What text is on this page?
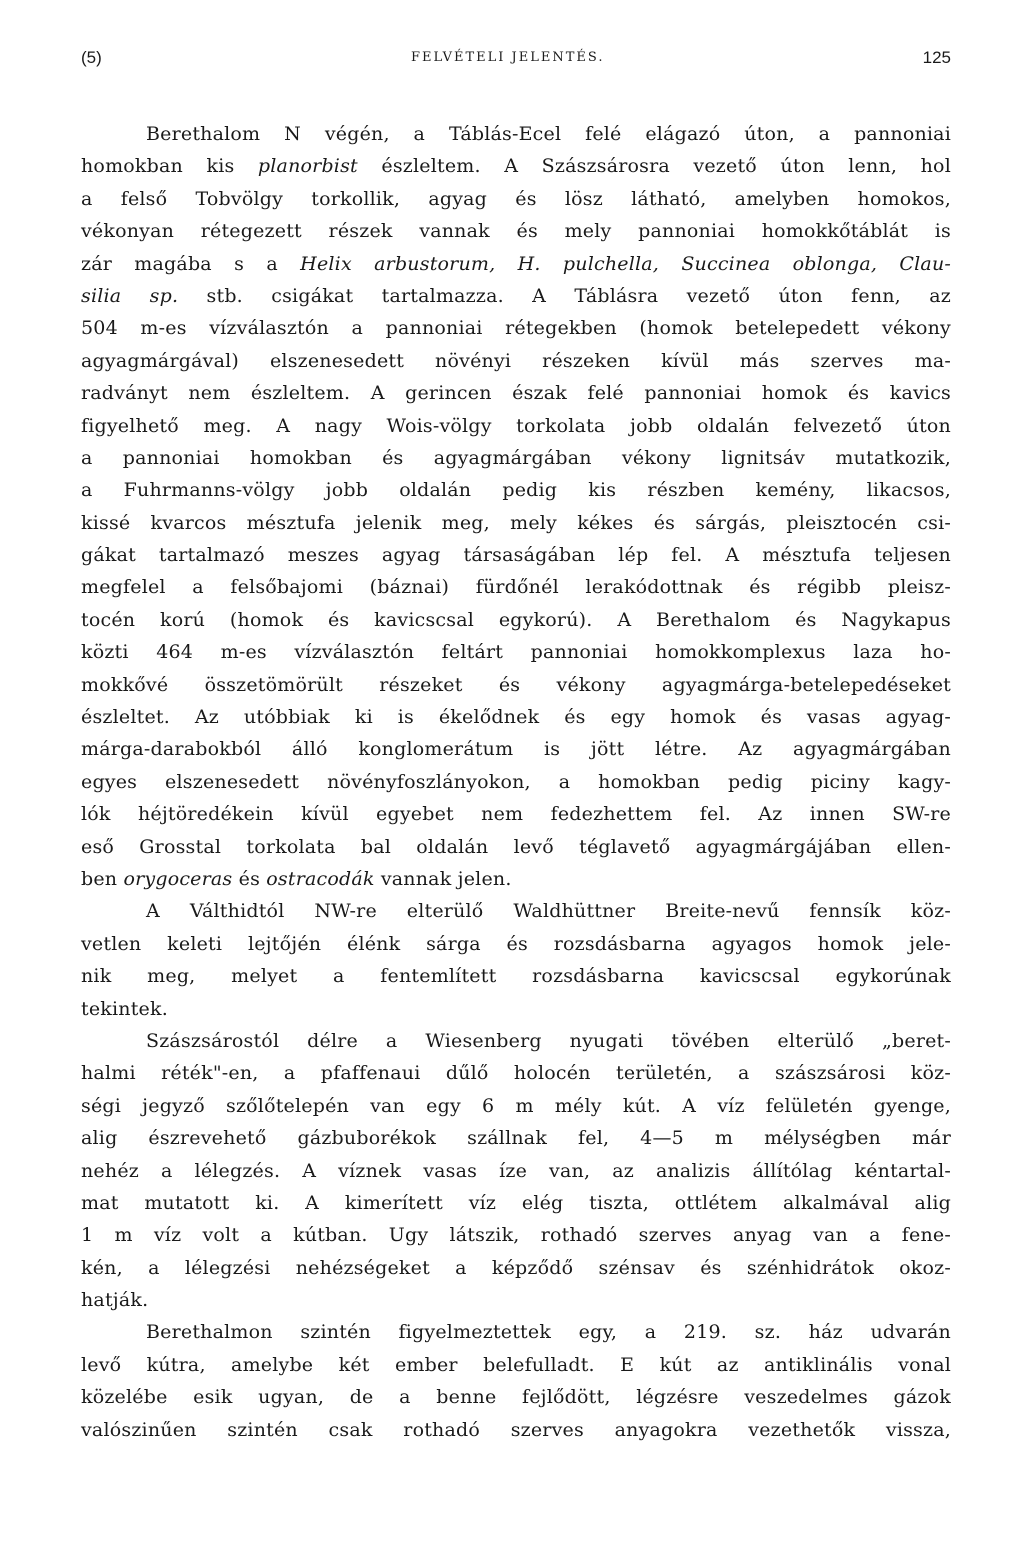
(5)	FELVÉTELI JELENTÉS.	125
Berethalom N végén, a Táblás-Ecel felé elágazó úton, a pannoniai
homokban kis planorbist észleltem. A Szászsárosra vezető úton lenn, hol
a felső Tobvölgy torkollik, agyag és lösz látható, amelyben homokos,
vékonyan rétegezett részek vannak és mely pannoniai homokkőtáblát is
zár magába s a Helix arbustorum, H. pulchella, Succinea oblonga, Clau-
silia sp. stb. csigákat tartalmazza. A Táblásra vezető úton fenn, az
504 m-es vízválasztón a pannoniai rétegekben (homok betelepedett vékony
agyagmárgával) elszenesedett növényi részeken kívül más szerves ma-
radványt nem észleltem. A gerincen észak felé pannoniai homok és kavics
figyelhető meg. A nagy Wois-völgy torkolata jobb oldalán felvezető úton
a pannoniai homokban és agyagmárgában vékony lignitsáv mutatkozik,
a Fuhrmanns-völgy jobb oldalán pedig kis részben kemény, likacsos,
kissé kvarcos mésztufa jelenik meg, mely kékes és sárgás, pleisztocén csi-
gákat tartalmazó meszes agyag társaságában lép fel. A mésztufa teljesen
megfelel a felsőbajomi (báznai) fürdőnél lerakódottnak és régibb pleisz-
tocén korú (homok és kavicscsal egykorú). A Berethalom és Nagykapus
közti 464 m-es vízválasztón feltárt pannoniai homokkomplexus laza ho-
mokkővé összetömörült részeket és vékony agyagmárga-betelepedéseket
észleltet. Az utóbbiak ki is ékelődnek és egy homok és vasas agyag-
márga-darabokból álló konglomerátum is jött létre. Az agyagmárgában
egyes elszenesedett növényfoszlányokon, a homokban pedig piciny kagy-
lók héjtöredékein kívül egyebet nem fedezhettem fel. Az innen SW-re
eső Grosstal torkolata bal oldalán levő téglavető agyagmárgájában ellen-
ben orygoceras és ostracodák vannak jelen.
A Válthidtól NW-re elterülő Waldhüttner Breite-nevű fennsík köz-
vetlen keleti lejtőjén élénk sárga és rozsdásbarna agyagos homok jele-
nik meg, melyet a fentemlített rozsdásbarna kavicscsal egykorúnak
tekintek.
Szászsárostól délre a Wiesenberg nyugati tövében elterülő „beret-
halmi réték"-en, a pfaffenaui dűlő holocén területén, a szászsárosi köz-
ségi jegyző szőlőtelepén van egy 6 m mély kút. A víz felületén gyenge,
alig észrevehető gázbuborékok szállnak fel, 4—5 m mélységben már
nehéz a lélegzés. A víznek vasas íze van, az analizis állítólag kéntartal-
mat mutatott ki. A kimerített víz elég tiszta, ottlétem alkalmával alig
1 m víz volt a kútban. Ugy látszik, rothadó szerves anyag van a fene-
kén, a lélegzési nehézségeket a képződő szénsav és szénhidrátok okoz-
hatják.
Berethalmon szintén figyelmeztettek egy, a 219. sz. ház udvarán
levő kútra, amelybe két ember belefulladt. E kút az antiklinális vonal
közelébe esik ugyan, de a benne fejlődött, légzésre veszedelmes gázok
valószinűen szintén csak rothadó szerves anyagokra vezethetők vissza,
